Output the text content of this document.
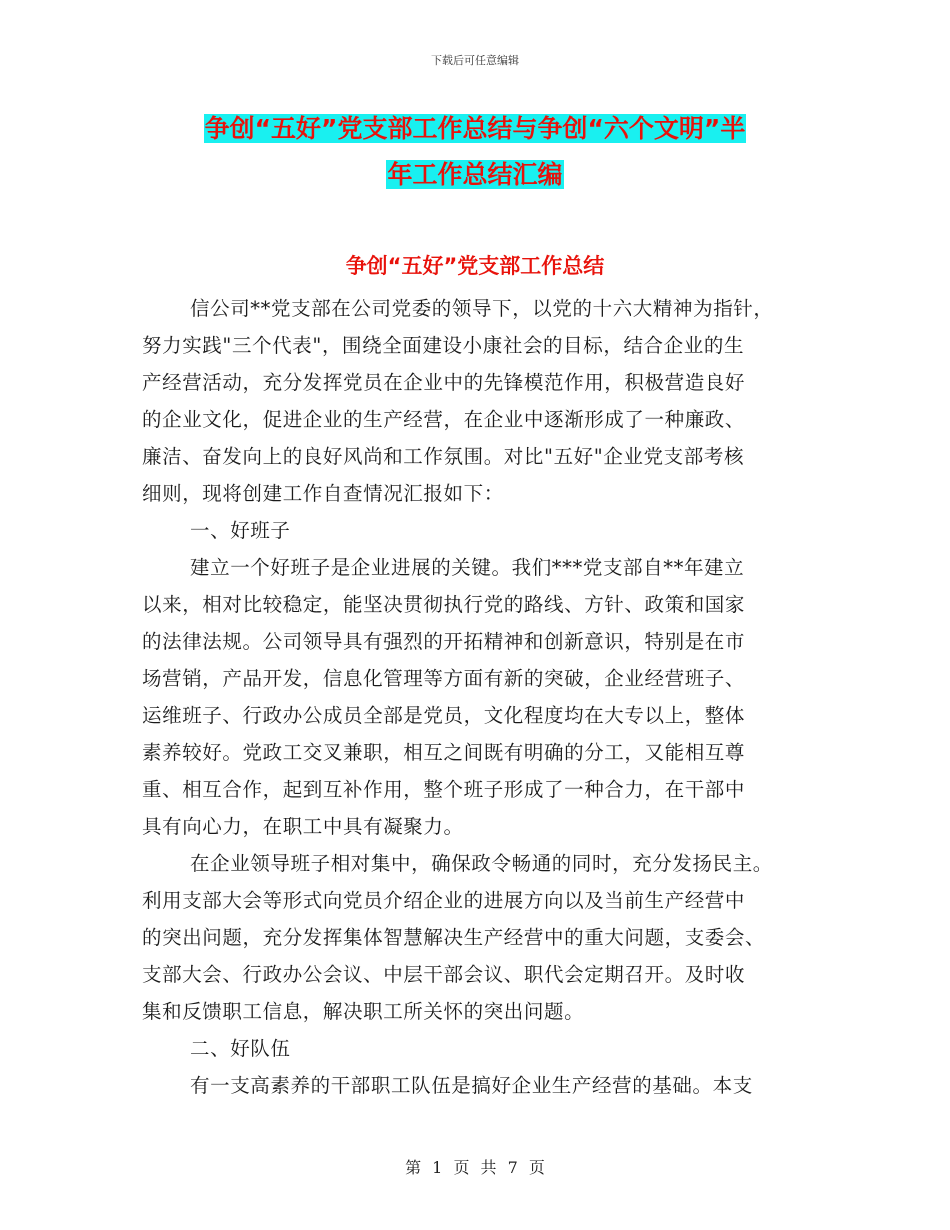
下载后可任意编辑
争创“五好”党支部工作总结与争创“六个文明”半
年工作总结汇编
争创“五好”党支部工作总结
信公司**党支部在公司党委的领导下，以党的十六大精神为指针，
努力实践"三个代表"，围绕全面建设小康社会的目标，结合企业的生
产经营活动，充分发挥党员在企业中的先锋模范作用，积极营造良好
的企业文化，促进企业的生产经营，在企业中逐渐形成了一种廉政、
廉洁、奋发向上的良好风尚和工作氛围。对比"五好"企业党支部考核
细则，现将创建工作自查情况汇报如下：
一、好班子
建立一个好班子是企业进展的关键。我们***党支部自**年建立
以来，相对比较稳定，能坚决贯彻执行党的路线、方针、政策和国家
的法律法规。公司领导具有强烈的开拓精神和创新意识，特别是在市
场营销，产品开发，信息化管理等方面有新的突破，企业经营班子、
运维班子、行政办公成员全部是党员，文化程度均在大专以上，整体
素养较好。党政工交叉兼职，相互之间既有明确的分工，又能相互尊
重、相互合作，起到互补作用，整个班子形成了一种合力，在干部中
具有向心力，在职工中具有凝聚力。
在企业领导班子相对集中，确保政令畅通的同时，充分发扬民主。
利用支部大会等形式向党员介绍企业的进展方向以及当前生产经营中
的突出问题，充分发挥集体智慧解决生产经营中的重大问题，支委会、
支部大会、行政办公会议、中层干部会议、职代会定期召开。及时收
集和反馈职工信息，解决职工所关怀的突出问题。
二、好队伍
有一支高素养的干部职工队伍是搞好企业生产经营的基础。本支
第 1 页 共 7 页
